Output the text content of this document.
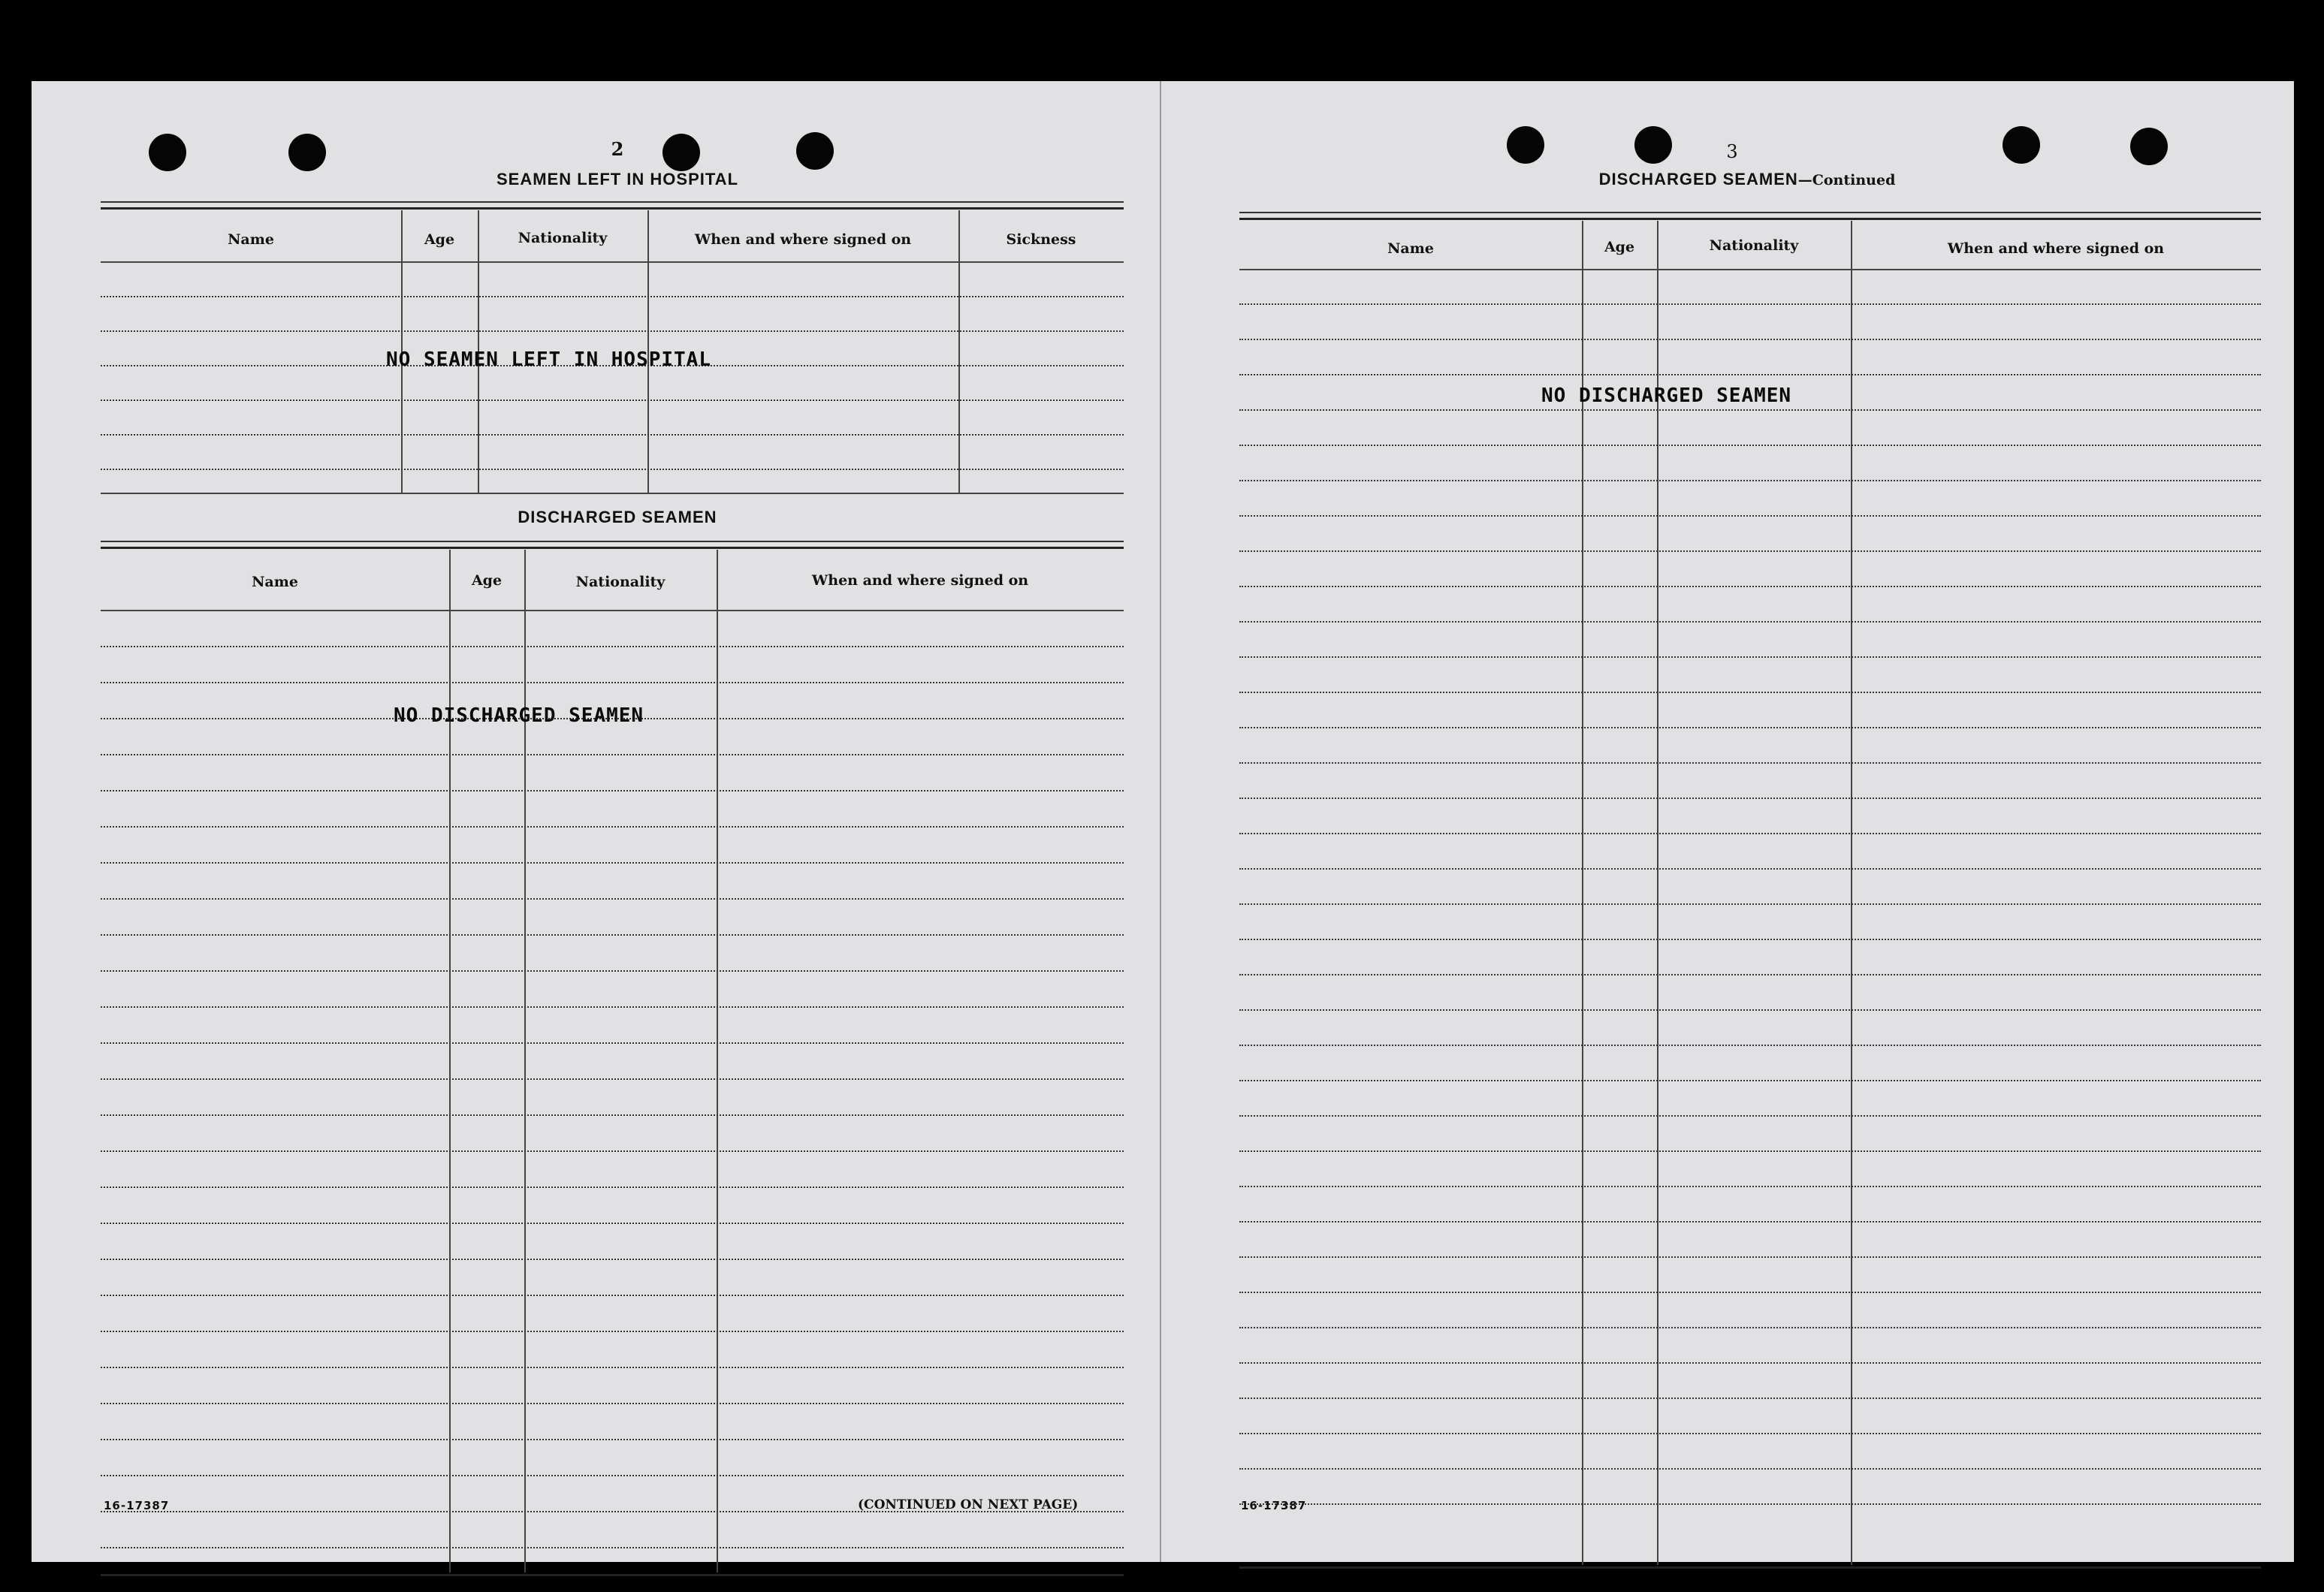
2
SEAMEN LEFT IN HOSPITAL
Name	Age	Nationality	When and where signed on	Sickness
NO SEAMEN LEFT IN HOSPITAL
DISCHARGED SEAMEN
Name	Age	Nationality	When and where signed on
NO DISCHARGED SEAMEN
16-17387	(CONTINUED ON NEXT PAGE)
3
DISCHARGED SEAMEN—Continued
Name	Age	Nationality	When and where signed on
NO DISCHARGED SEAMEN
16-17387
